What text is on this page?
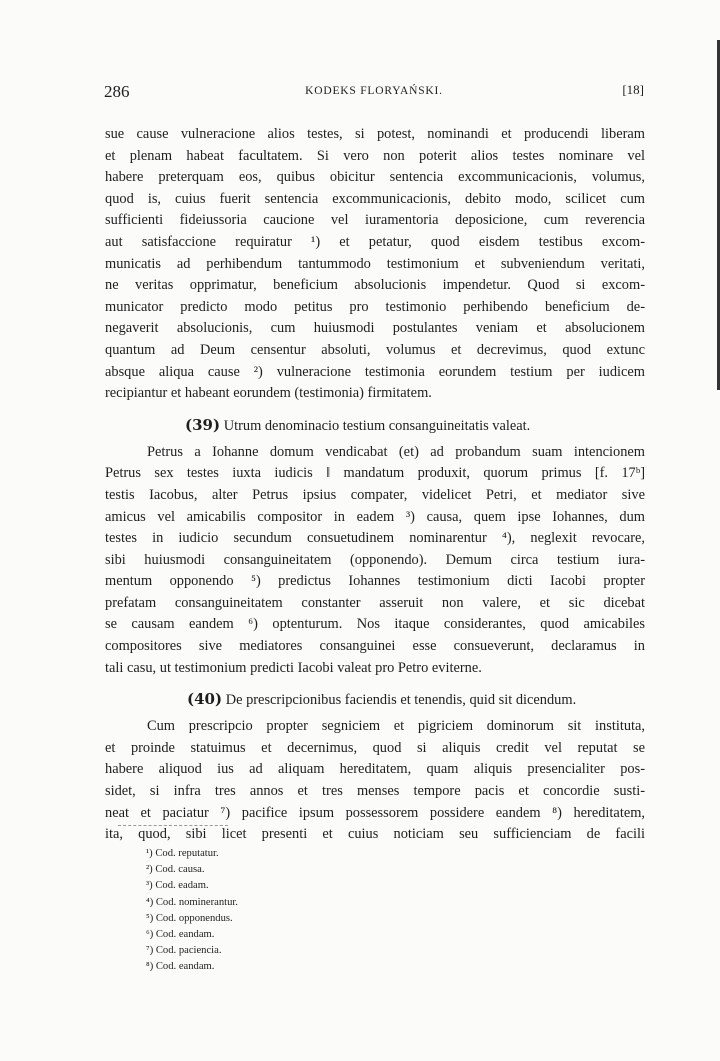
286	KODEKS FLORYAŃSKI.	[18]
sue cause vulneracione alios testes, si potest, nominandi et producendi liberam
et plenam habeat facultatem. Si vero non poterit alios testes nominare vel
habere preterquam eos, quibus obicitur sentencia excommunicacionis, volumus,
quod is, cuius fuerit sentencia excommunicacionis, debito modo, scilicet cum
sufficienti fideiussoria caucione vel iuramentoria deposicione, cum reverencia
aut satisfaccione requiratur ¹) et petatur, quod eisdem testibus excom-
municatis ad perhibendum tantummodo testimonium et subveniendum veritati,
ne veritas opprimatur, beneficium absolucionis impendetur. Quod si excom-
municator predicto modo petitus pro testimonio perhibendo beneficium de-
negaverit absolucionis, cum huiusmodi postulantes veniam et absolucionem
quantum ad Deum censentur absoluti, volumus et decrevimus, quod extunc
absque aliqua cause ²) vulneracione testimonia eorundem testium per iudicem
recipiantur et habeant eorundem (testimonia) firmitatem.
(39) Utrum denominacio testium consanguineitatis valeat.
Petrus a Iohanne domum vendicabat (et) ad probandum suam intencionem
Petrus sex testes iuxta iudicis ‖ mandatum produxit, quorum primus [f. 17ᵇ]
testis Iacobus, alter Petrus ipsius compater, videlicet Petri, et mediator sive
amicus vel amicabilis compositor in eadem ³) causa, quem ipse Iohannes, dum
testes in iudicio secundum consuetudinem nominarentur ⁴), neglexit revocare,
sibi huiusmodi consanguineitatem (opponendo). Demum circa testium iura-
mentum opponendo ⁵) predictus Iohannes testimonium dicti Iacobi propter
prefatam consanguineitatem constanter asseruit non valere, et sic dicebat
se causam eandem ⁶) optenturum. Nos itaque considerantes, quod amicabiles
compositores sive mediatores consanguinei esse consueverunt, declaramus in
tali casu, ut testimonium predicti Iacobi valeat pro Petro eviterne.
(40) De prescripcionibus faciendis et tenendis, quid sit dicendum.
Cum prescripcio propter segniciem et pigriciem dominorum sit instituta,
et proinde statuimus et decernimus, quod si aliquis credit vel reputat se
habere aliquod ius ad aliquam hereditatem, quam aliquis presencialiter pos-
sidet, si infra tres annos et tres menses tempore pacis et concordie susti-
neat et paciatur ⁷) pacifice ipsum possessorem possidere eandem ⁸) hereditatem,
ita, quod, sibi licet presenti et cuius noticiam seu sufficienciam de facili
¹) Cod. reputatur.
²) Cod. causa.
³) Cod. eadam.
⁴) Cod. nominerantur.
⁵) Cod. opponendus.
⁶) Cod. eandam.
⁷) Cod. paciencia.
⁸) Cod. eandam.
